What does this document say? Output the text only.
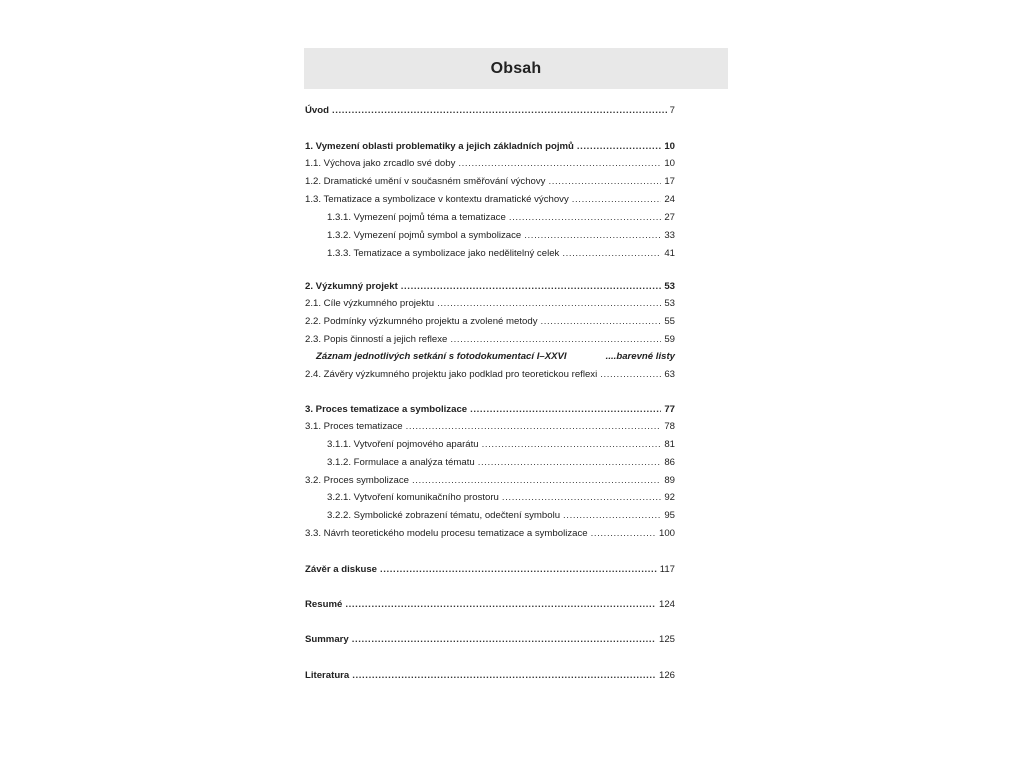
Obsah
Úvod .....	7
1. Vymezení oblasti problematiky a jejich základních pojmů .....	10
1.1. Výchova jako zrcadlo své doby .....	10
1.2. Dramatické umění v současném směřování výchovy .....	17
1.3. Tematizace a symbolizace v kontextu dramatické výchovy .....	24
1.3.1. Vymezení pojmů téma a tematizace .....	27
1.3.2. Vymezení pojmů symbol a symbolizace .....	33
1.3.3. Tematizace a symbolizace jako nedělitelný celek .....	41
2. Výzkumný projekt .....	53
2.1. Cíle výzkumného projektu .....	53
2.2. Podmínky výzkumného projektu a zvolené metody .....	55
2.3. Popis činností a jejich reflexe .....	59
Záznam jednotlivých setkání s fotodokumentací I–XXVI	....barevné listy
2.4. Závěry výzkumného projektu jako podklad pro teoretickou reflexi .....	63
3. Proces tematizace a symbolizace .....	77
3.1. Proces tematizace .....	78
3.1.1. Vytvoření pojmového aparátu .....	81
3.1.2. Formulace a analýza tématu .....	86
3.2. Proces symbolizace .....	89
3.2.1. Vytvoření komunikačního prostoru .....	92
3.2.2. Symbolické zobrazení tématu, odečtení symbolu .....	95
3.3. Návrh teoretického modelu procesu tematizace a symbolizace .....	100
Závěr a diskuse .....	117
Resumé .....	124
Summary .....	125
Literatura .....	126
